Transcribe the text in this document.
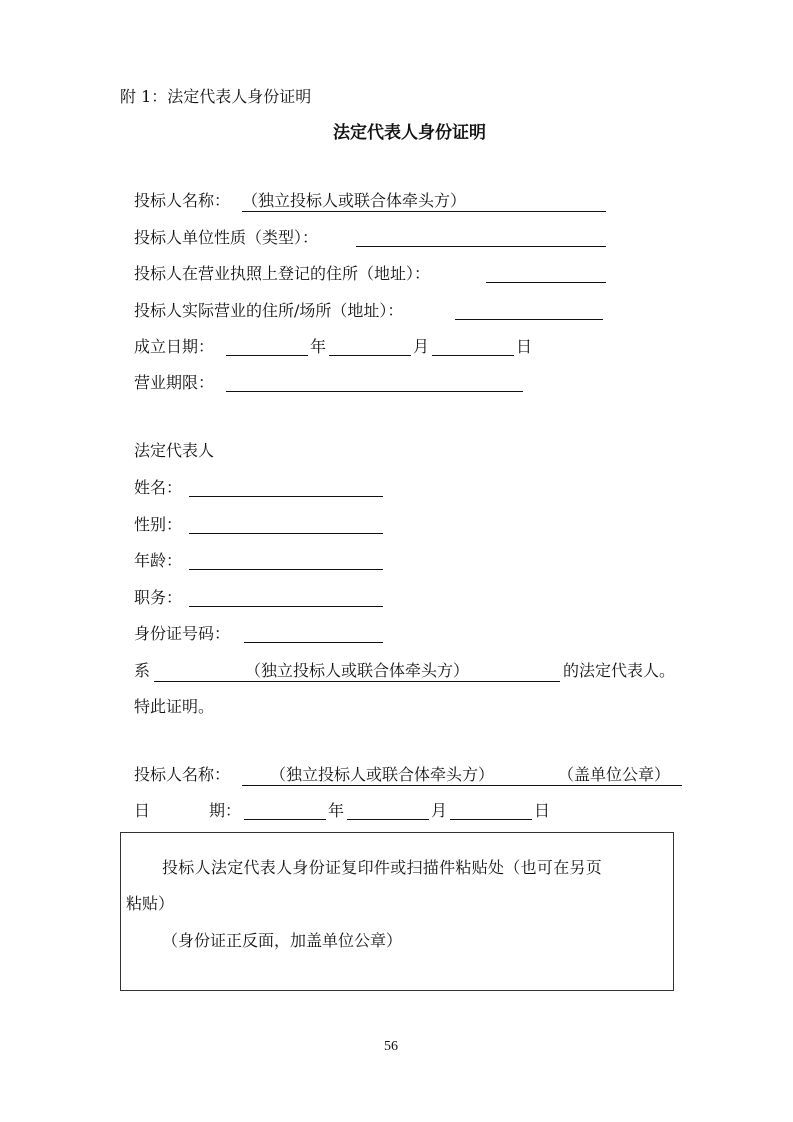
附 1：法定代表人身份证明
法定代表人身份证明
投标人名称： （独立投标人或联合体牵头方）
投标人单位性质（类型）：
投标人在营业执照上登记的住所（地址）：
投标人实际营业的住所/场所（地址）：
成立日期：	年	月	日
营业期限：
法定代表人
姓名：
性别：
年龄：
职务：
身份证号码：
系	（独立投标人或联合体牵头方）	的法定代表人。
特此证明。
投标人名称： （独立投标人或联合体牵头方）	（盖单位公章）

日	期：	年	月	日
投标人法定代表人身份证复印件或扫描件粘贴处（也可在另页
粘贴）
（身份证正反面，加盖单位公章）
56
